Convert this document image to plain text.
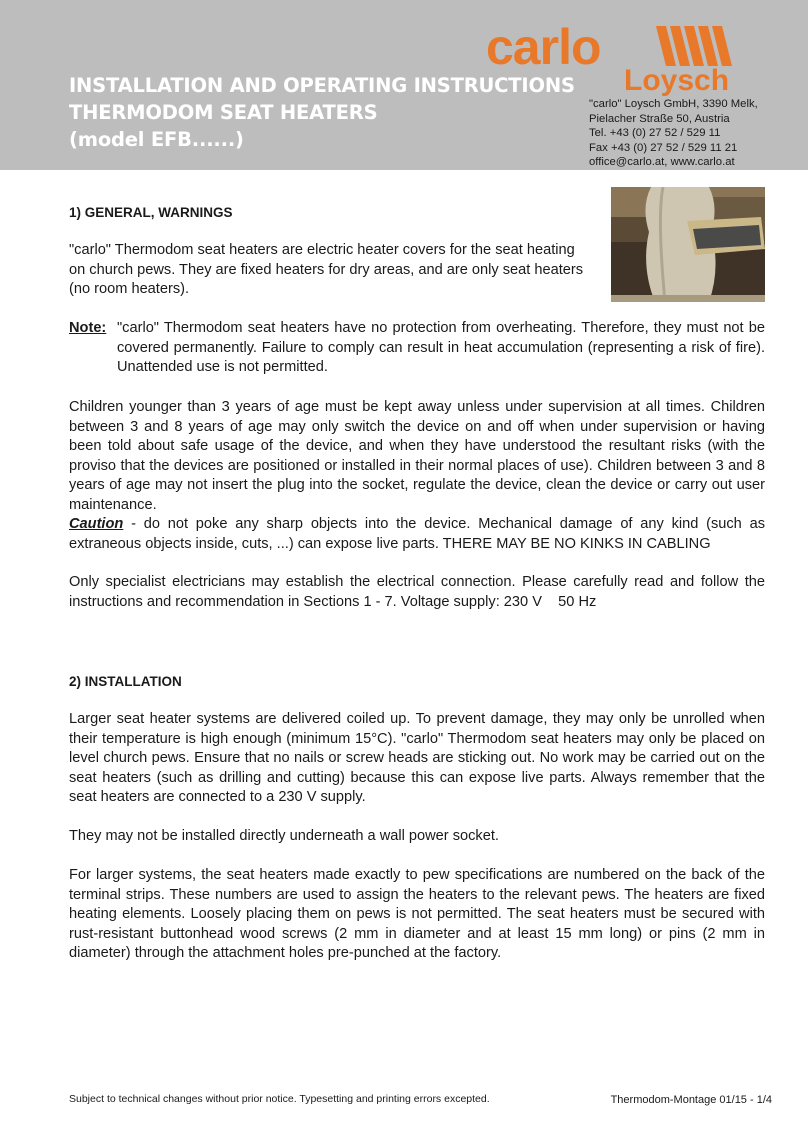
INSTALLATION AND OPERATING INSTRUCTIONS
THERMODOM SEAT HEATERS
(model EFB......)
carlo
Loysch
"carlo" Loysch GmbH, 3390 Melk,
Pielacher Straße 50, Austria
Tel. +43 (0) 27 52 / 529 11
Fax +43 (0) 27 52 / 529 11 21
office@carlo.at, www.carlo.at
1) GENERAL, WARNINGS

"carlo" Thermodom seat heaters are electric heater covers for the seat heating on church pews. They are fixed heaters for dry areas, and are only seat heaters (no room heaters).

Note: "carlo" Thermodom seat heaters have no protection from overheating. Therefore, they must not be covered permanently. Failure to comply can result in heat accumulation (representing a risk of fire). Unattended use is not permitted.

Children younger than 3 years of age must be kept away unless under supervision at all times. Children between 3 and 8 years of age may only switch the device on and off when under supervision or having been told about safe usage of the device, and when they have understood the resultant risks (with the proviso that the devices are positioned or installed in their normal places of use). Children between 3 and 8 years of age may not insert the plug into the socket, regulate the device, clean the device or carry out user maintenance.

Caution - do not poke any sharp objects into the device. Mechanical damage of any kind (such as extraneous objects inside, cuts, ...) can expose live parts. THERE MAY BE NO KINKS IN CABLING

Only specialist electricians may establish the electrical connection. Please carefully read and follow the instructions and recommendation in Sections 1 - 7. Voltage supply: 230 V    50 Hz

2) INSTALLATION

Larger seat heater systems are delivered coiled up. To prevent damage, they may only be unrolled when their temperature is high enough (minimum 15°C). "carlo" Thermodom seat heaters may only be placed on level church pews. Ensure that no nails or screw heads are sticking out. No work may be carried out on the seat heaters (such as drilling and cutting) because this can expose live parts. Always remember that the seat heaters are connected to a 230 V supply.

They may not be installed directly underneath a wall power socket.

For larger systems, the seat heaters made exactly to pew specifications are numbered on the back of the terminal strips. These numbers are used to assign the heaters to the relevant pews. The heaters are fixed heating elements. Loosely placing them on pews is not permitted. The seat heaters must be secured with rust-resistant buttonhead wood screws (2 mm in diameter and at least 15 mm long) or pins (2 mm in diameter) through the attachment holes pre-punched at the factory.

Subject to technical changes without prior notice. Typesetting and printing errors excepted.	Thermodom-Montage 01/15 - 1/4
